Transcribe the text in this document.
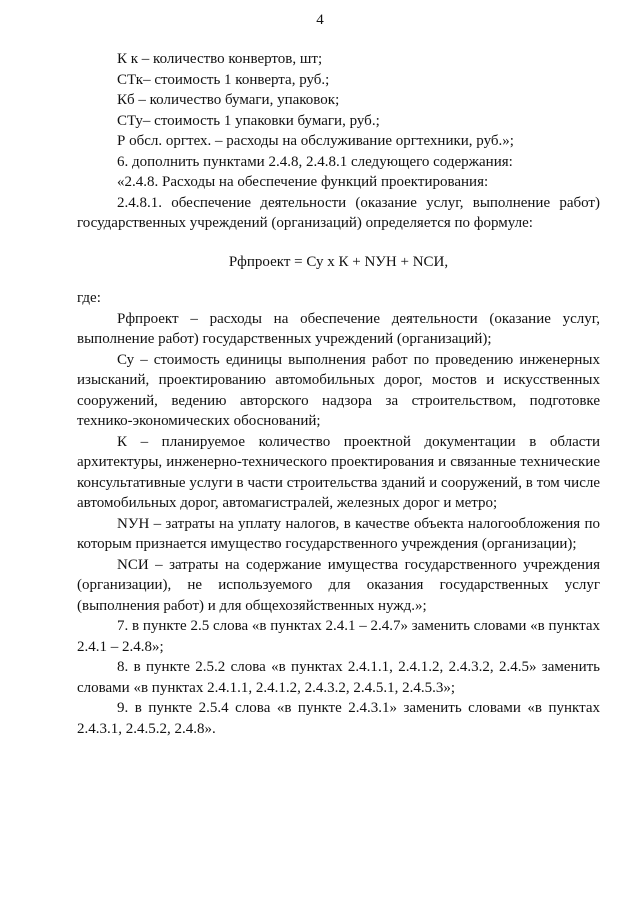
4

К к – количество конвертов, шт;

СТк– стоимость 1 конверта, руб.;

Кб – количество бумаги, упаковок;

СТу– стоимость 1 упаковки бумаги, руб.;

Р обсл. оргтех. – расходы на обслуживание оргтехники, руб.»;

6. дополнить пунктами 2.4.8, 2.4.8.1 следующего содержания:

«2.4.8. Расходы на обеспечение функций проектирования:

2.4.8.1. обеспечение деятельности (оказание услуг, выполнение работ) государственных учреждений (организаций) определяется по формуле:

Рфпроект = Су х К + NУН + NСИ,

где:

Рфпроект – расходы на обеспечение деятельности (оказание услуг, выполнение работ) государственных учреждений (организаций);

Су – стоимость единицы выполнения работ по проведению инженерных изысканий, проектированию автомобильных дорог, мостов и искусственных сооружений, ведению авторского надзора за строительством, подготовке технико-экономических обоснований;

К – планируемое количество проектной документации в области архитектуры, инженерно-технического проектирования и связанные технические консультативные услуги в части строительства зданий и сооружений, в том числе автомобильных дорог, автомагистралей, железных дорог и метро;

NУН – затраты на уплату налогов, в качестве объекта налогообложения по которым признается имущество государственного учреждения (организации);

NСИ – затраты на содержание имущества государственного учреждения (организации), не используемого для оказания государственных услуг (выполнения работ) и для общехозяйственных нужд.»;

7. в пункте 2.5 слова «в пунктах 2.4.1 – 2.4.7» заменить словами «в пунктах 2.4.1 – 2.4.8»;

8. в пункте 2.5.2 слова «в пунктах 2.4.1.1, 2.4.1.2, 2.4.3.2, 2.4.5» заменить словами «в пунктах 2.4.1.1, 2.4.1.2, 2.4.3.2, 2.4.5.1, 2.4.5.3»;

9. в пункте 2.5.4 слова «в пункте 2.4.3.1» заменить словами «в пунктах 2.4.3.1, 2.4.5.2, 2.4.8».
